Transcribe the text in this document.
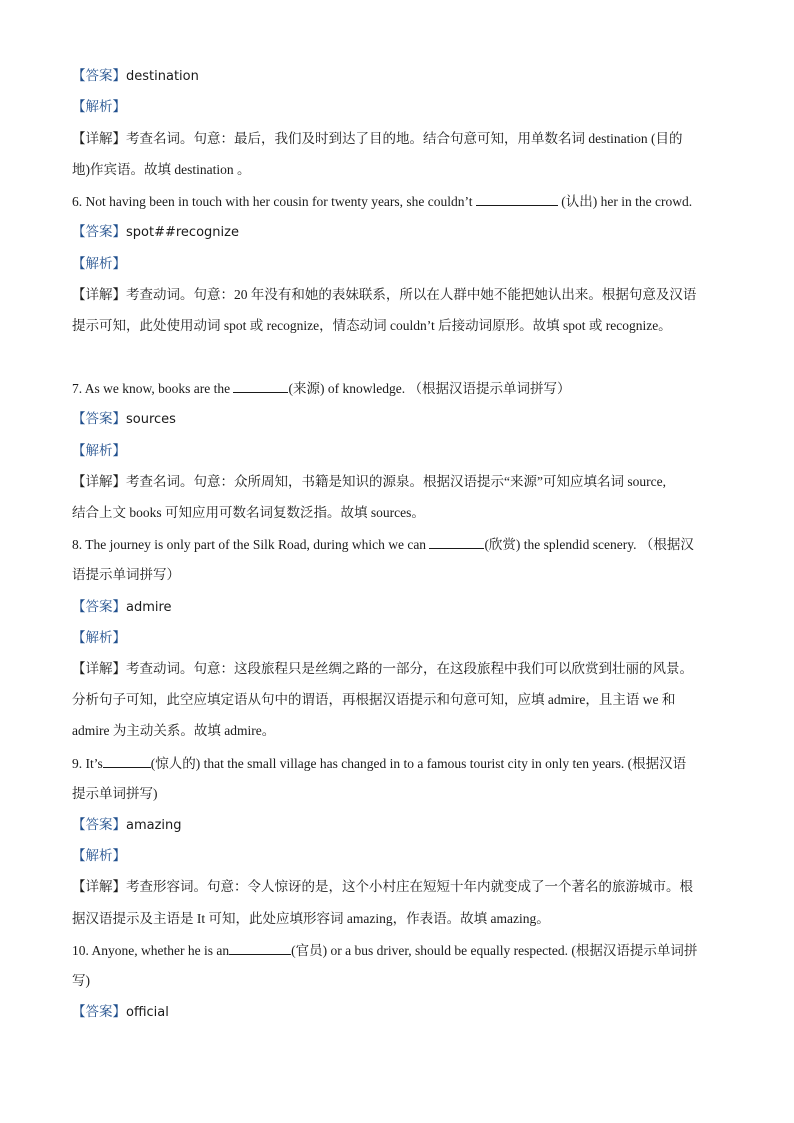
【答案】destination
【解析】
【详解】考查名词。句意：最后，我们及时到达了目的地。结合句意可知，用单数名词 destination (目的
地)作宾语。故填 destination 。
6. Not having been in touch with her cousin for twenty years, she couldn’t	(认出) her in the crowd.
【答案】spot##recognize
【解析】
【详解】考查动词。句意：20 年没有和她的表妹联系，所以在人群中她不能把她认出来。根据句意及汉语
提示可知，此处使用动词 spot 或 recognize，情态动词 couldn’t 后接动词原形。故填 spot 或 recognize。
7. As we know, books are the	(来源) of knowledge. （根据汉语提示单词拼写）
【答案】sources
【解析】
【详解】考查名词。句意：众所周知，书籍是知识的源泉。根据汉语提示“来源”可知应填名词 source,
结合上文 books 可知应用可数名词复数泛指。故填 sources。
8. The journey is only part of the Silk Road, during which we can	(欣赏) the splendid scenery. （根据汉
语提示单词拼写）
【答案】admire
【解析】
【详解】考查动词。句意：这段旅程只是丝绸之路的一部分，在这段旅程中我们可以欣赏到壮丽的风景。
分析句子可知，此空应填定语从句中的谓语，再根据汉语提示和句意可知，应填 admire，且主语 we 和
admire 为主动关系。故填 admire。
9. It’s	(惊人的) that the small village has changed in to a famous tourist city in only ten years. (根据汉语
提示单词拼写)
【答案】amazing
【解析】
【详解】考查形容词。句意：令人惊讶的是，这个小村庄在短短十年内就变成了一个著名的旅游城市。根
据汉语提示及主语是 It 可知，此处应填形容词 amazing，作表语。故填 amazing。
10. Anyone, whether he is an	(官员) or a bus driver, should be equally respected. (根据汉语提示单词拼
写)
【答案】official
